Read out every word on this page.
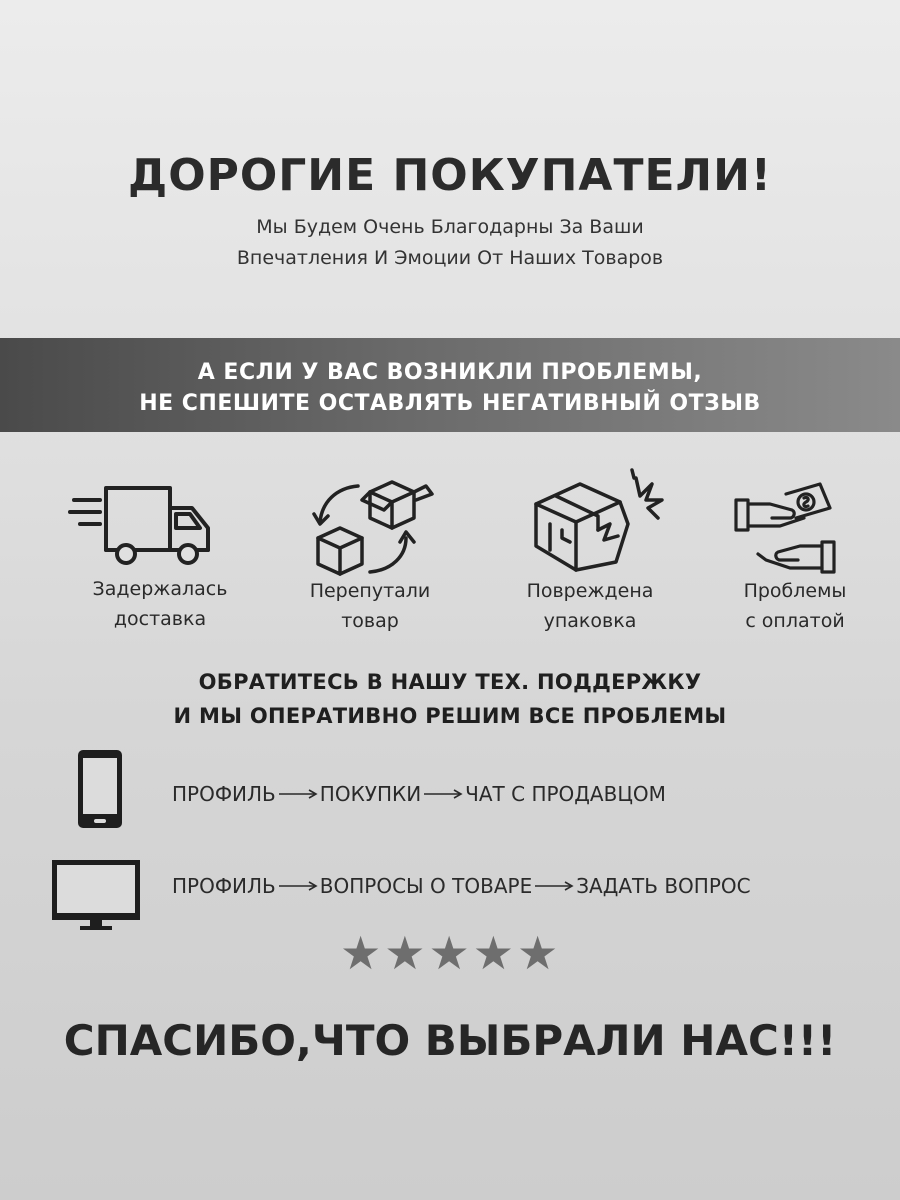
ДОРОГИЕ ПОКУПАТЕЛИ!
Мы Будем Очень Благодарны За Ваши
Впечатления И Эмоции От Наших Товаров
А ЕСЛИ У ВАС ВОЗНИКЛИ ПРОБЛЕМЫ,
НЕ СПЕШИТЕ ОСТАВЛЯТЬ НЕГАТИВНЫЙ ОТЗЫВ
Задержалась
доставка
Перепутали
товар
Повреждена
упаковка
Проблемы
с оплатой
ОБРАТИТЕСЬ В НАШУ ТЕХ. ПОДДЕРЖКУ
И МЫ ОПЕРАТИВНО РЕШИМ ВСЕ ПРОБЛЕМЫ
ПРОФИЛЬ ПОКУПКИ ЧАТ С ПРОДАВЦОМ
ПРОФИЛЬ ВОПРОСЫ О ТОВАРЕ ЗАДАТЬ ВОПРОС
★ ★ ★ ★ ★
СПАСИБО,ЧТО ВЫБРАЛИ НАС!!!
